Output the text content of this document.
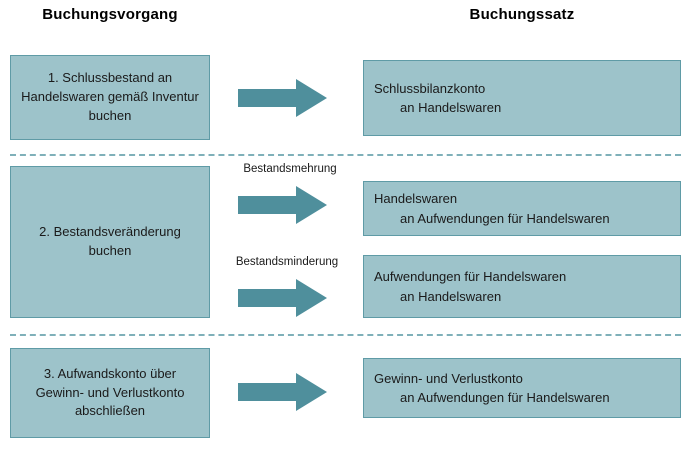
Buchungsvorgang	Buchungssatz
1. Schlussbestand an Handelswaren gemäß Inventur buchen
Schlussbilanzkonto
an Handelswaren
2. Bestandsveränderung buchen
Bestandsmehrung
Handelswaren
an Aufwendungen für Handelswaren
Bestandsminderung
Aufwendungen für Handelswaren
an Handelswaren
3. Aufwandskonto über Gewinn- und Verlustkonto abschließen
Gewinn- und Verlustkonto
an Aufwendungen für Handelswaren
